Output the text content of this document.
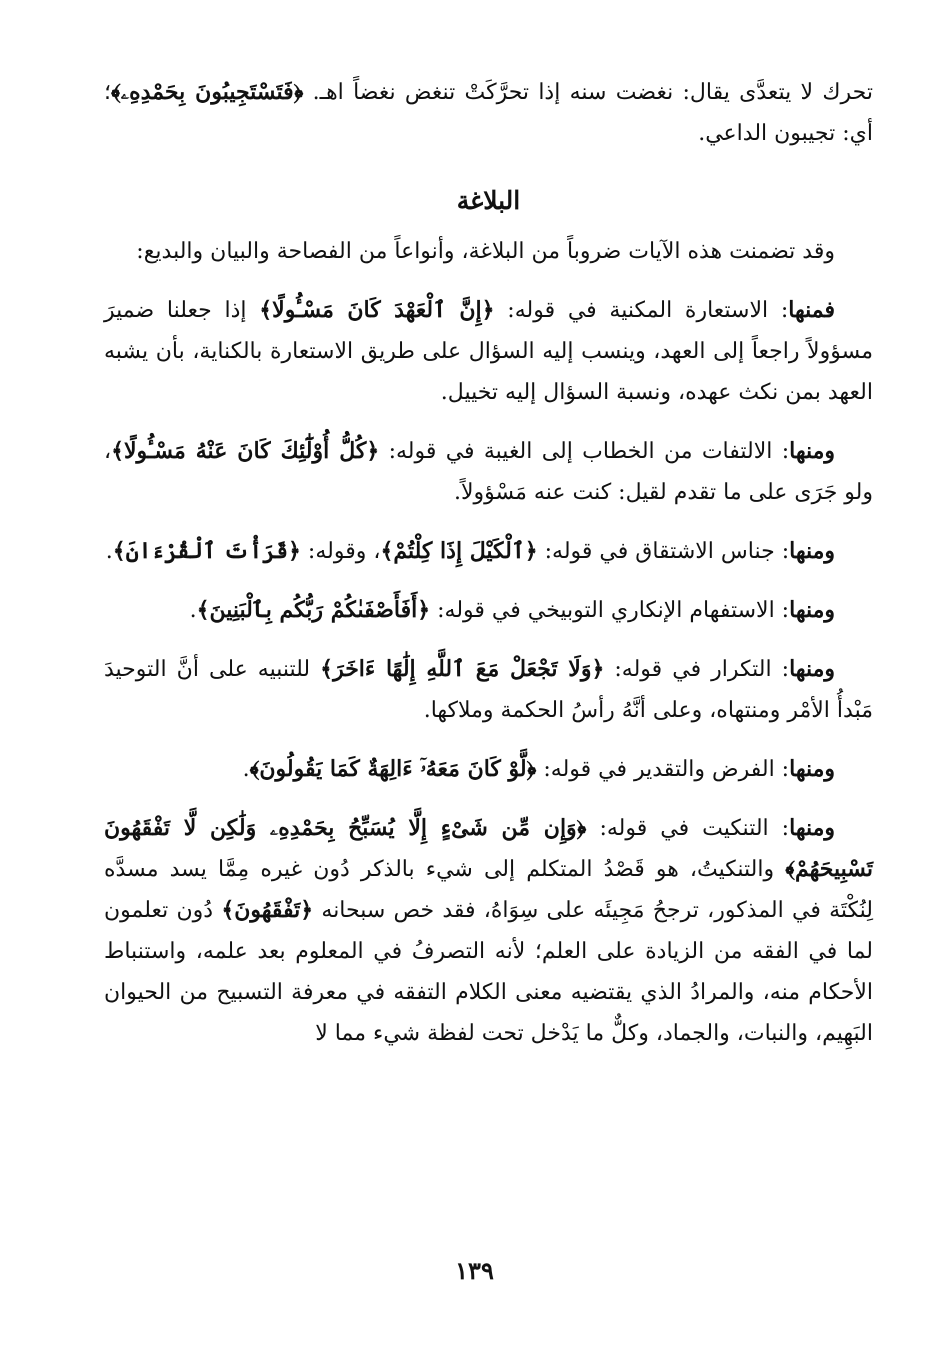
تحرك لا يتعدَّى يقال: نغضت سنه إذا تحرَّكَتْ تنغض نغضاً اهـ. ﴿فَتَسْتَجِيبُونَ بِحَمْدِهِۦ﴾؛ أي: تجيبون الداعي.

البلاغة

وقد تضمنت هذه الآيات ضروباً من البلاغة، وأنواعاً من الفصاحة والبيان والبديع:

فمنها: الاستعارة المكنية في قوله: ﴿إِنَّ ٱلْعَهْدَ كَانَ مَسْـُٔولًا﴾ إذا جعلنا ضميرَ مسؤولاً راجعاً إلى العهد، وينسب إليه السؤال على طريق الاستعارة بالكناية، بأن يشبه العهد بمن نكث عهده، ونسبة السؤال إليه تخييل.

ومنها: الالتفات من الخطاب إلى الغيبة في قوله: ﴿كُلُّ أُوْلَٰٓئِكَ كَانَ عَنْهُ مَسْـُٔولًا﴾، ولو جَرَى على ما تقدم لقيل: كنت عنه مَسْؤولاً.

ومنها: جناس الاشتقاق في قوله: ﴿ٱلْكَيْلَ إِذَا كِلْتُمْ﴾، وقوله: ﴿قَرَأْتَ ٱلْقُرْءَانَ﴾.

ومنها: الاستفهام الإنكاري التوبيخي في قوله: ﴿أَفَأَصْفَىٰكُمْ رَبُّكُم بِٱلْبَنِينَ﴾.

ومنها: التكرار في قوله: ﴿وَلَا تَجْعَلْ مَعَ ٱللَّهِ إِلَٰهًا ءَاخَرَ﴾ للتنبيه على أنَّ التوحيدَ مَبْدأُ الأمْر ومنتهاه، وعلى أنَّهُ رأسُ الحكمة وملاكها.

ومنها: الفرض والتقدير في قوله: ﴿لَّوْ كَانَ مَعَهُۥٓ ءَالِهَةٌ كَمَا يَقُولُونَ﴾.

ومنها: التنكيت في قوله: ﴿وَإِن مِّن شَىْءٍ إِلَّا يُسَبِّحُ بِحَمْدِهِۦ وَلَٰكِن لَّا تَفْقَهُونَ تَسْبِيحَهُمْ﴾ والتنكيتُ، هو قَصْدُ المتكلم إلى شيء بالذكر دُون غيره مِمَّا يسد مسدَّه لِنُكْتَة في المذكور، ترجحُ مَجِيئَه على سِوَاهُ، فقد خص سبحانه ﴿تَفْقَهُونَ﴾ دُون تعلمون لما في الفقه من الزيادة على العلم؛ لأنه التصرفُ في المعلوم بعد علمه، واستنباط الأحكام منه، والمرادُ الذي يقتضيه معنى الكلام التفقه في معرفة التسبيح من الحيوان البَهِيم، والنبات، والجماد، وكلٌّ ما يَدْخل تحت لفظة شيء مما لا

١٣٩
